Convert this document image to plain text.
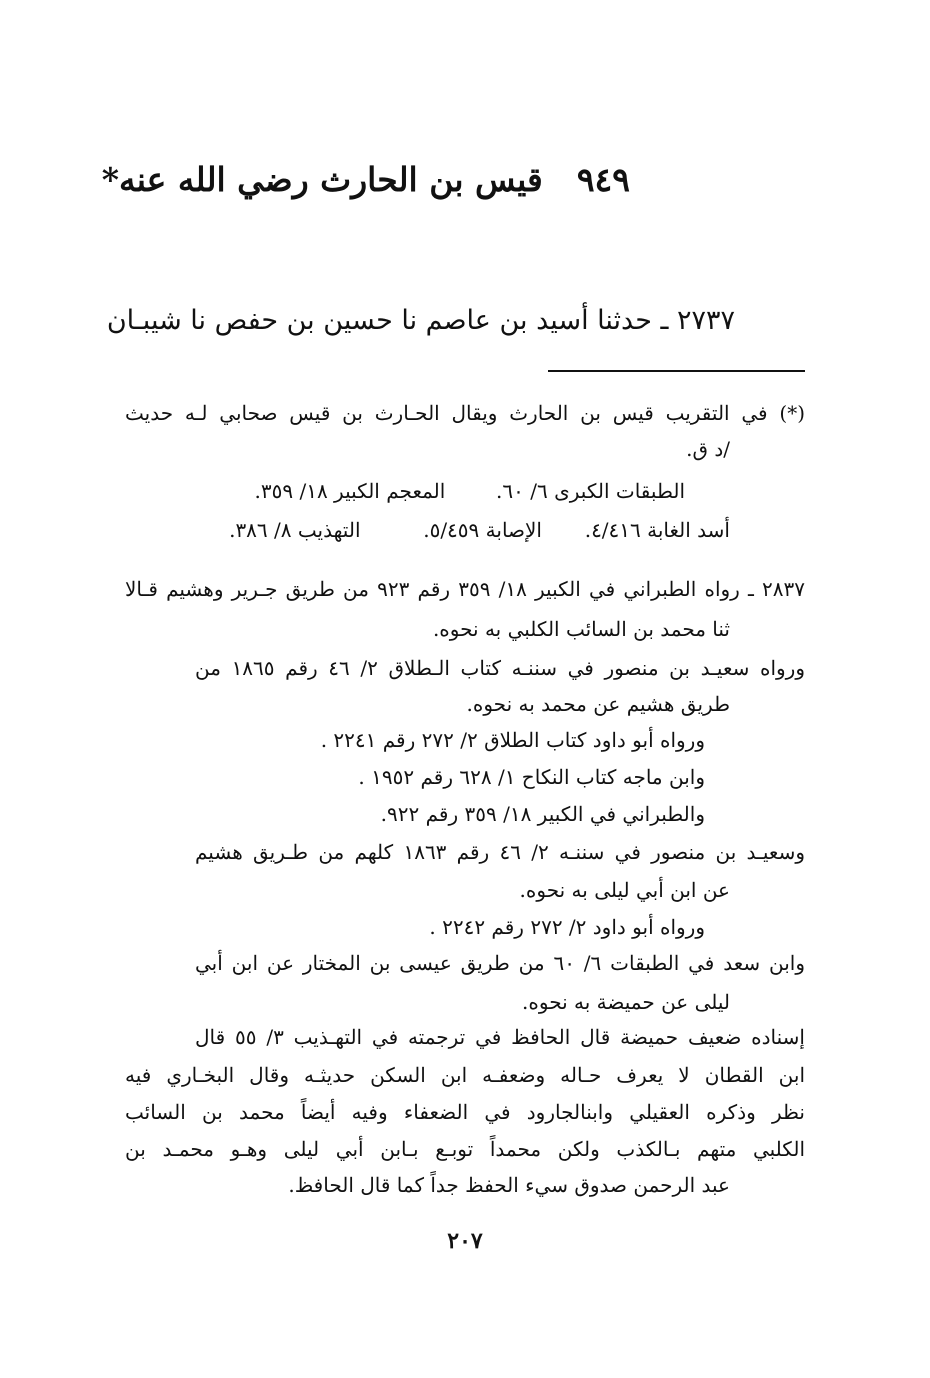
٩٤٩قيس بن الحارث رضي الله عنه*
٢٧٣٧ ـ حدثنا أسيد بن عاصم نا حسين بن حفص نا شيبـان
(*) في التقريب قيس بن الحارث ويقال الحـارث بن قيس صحابي لـه حديث
/د ق.
الطبقات الكبرى ٦/ ٦٠.  المعجم الكبير ١٨/ ٣٥٩.
أسد الغابة ٤/٤١٦.  الإصابة ٥/٤٥٩.  التهذيب ٨/ ٣٨٦.
٢٨٣٧ ـ رواه الطبراني في الكبير ١٨/ ٣٥٩ رقم ٩٢٣ من طريق جـرير وهشيم قـالا
ثنا محمد بن السائب الكلبي به نحوه.
ورواه سعيـد بن منصور في سننـه كتاب الـطلاق ٢/ ٤٦ رقم ١٨٦٥ من
طريق هشيم عن محمد به نحوه.
ورواه أبو داود كتاب الطلاق ٢/ ٢٧٢ رقم ٢٢٤١ .
وابن ماجه كتاب النكاح ١/ ٦٢٨ رقم ١٩٥٢ .
والطبراني في الكبير ١٨/ ٣٥٩ رقم ٩٢٢.
وسعيـد بن منصور في سننـه ٢/ ٤٦ رقم ١٨٦٣ كلهم من طـريق هشيم
عن ابن أبي ليلى به نحوه.
ورواه أبو داود ٢/ ٢٧٢ رقم ٢٢٤٢ .
وابن سعد في الطبقات ٦/ ٦٠ من طريق عيسى بن المختار عن ابن أبي
ليلى عن حميضة به نحوه.
إسناده ضعيف حميضة قال الحافظ في ترجمته في التهـذيب ٣/ ٥٥ قال
ابن القطان لا يعرف حـاله وضعفـه ابن السكن حديثـه وقال البخـاري فيه
نظر وذكره العقيلي وابنالجارود في الضعفاء وفيه أيضاً محمد بن السائب
الكلبي متهم بـالكذب ولكن محمداً توبـع بـابن أبي ليلى وهـو محمـد بن
عبد الرحمن صدوق سيء الحفظ جداً كما قال الحافظ.
٢٠٧
